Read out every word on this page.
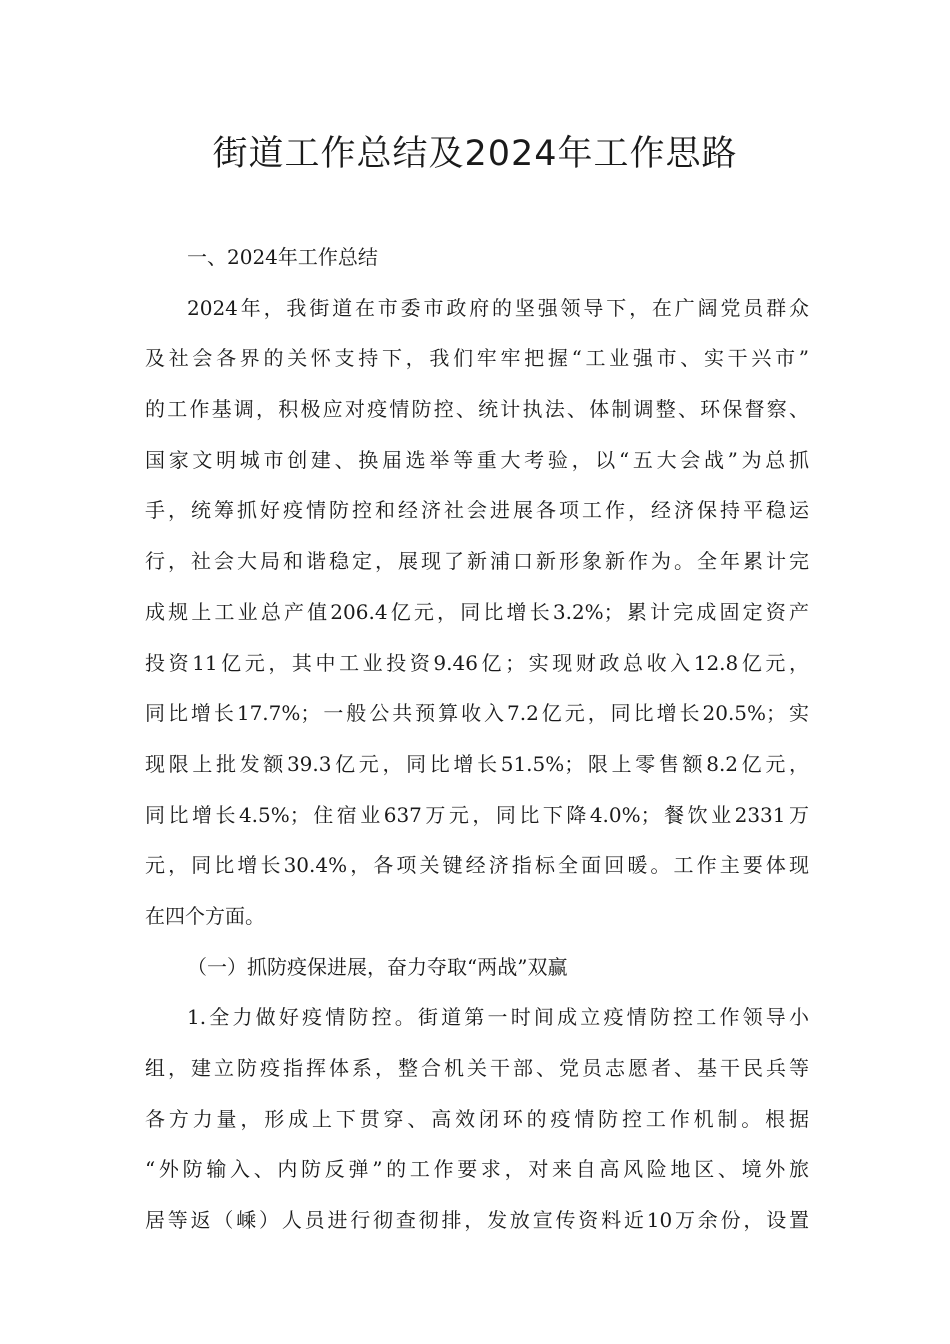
街道工作总结及2024年工作思路
一、2024年工作总结
2024年，我街道在市委市政府的坚强领导下，在广阔党员群众
及社会各界的关怀支持下，我们牢牢把握“工业强市、实干兴市”
的工作基调，积极应对疫情防控、统计执法、体制调整、环保督察、
国家文明城市创建、换届选举等重大考验，以“五大会战”为总抓
手，统筹抓好疫情防控和经济社会进展各项工作，经济保持平稳运
行，社会大局和谐稳定，展现了新浦口新形象新作为。全年累计完
成规上工业总产值206.4亿元，同比增长3.2%；累计完成固定资产
投资11亿元，其中工业投资9.46亿；实现财政总收入12.8亿元，
同比增长17.7%；一般公共预算收入7.2亿元，同比增长20.5%；实
现限上批发额39.3亿元，同比增长51.5%；限上零售额8.2亿元，
同比增长4.5%；住宿业637万元，同比下降4.0%；餐饮业2331万
元，同比增长30.4%，各项关键经济指标全面回暖。工作主要体现
在四个方面。
（一）抓防疫保进展，奋力夺取“两战”双赢
1.全力做好疫情防控。街道第一时间成立疫情防控工作领导小
组，建立防疫指挥体系，整合机关干部、党员志愿者、基干民兵等
各方力量，形成上下贯穿、高效闭环的疫情防控工作机制。根据
“外防输入、内防反弹”的工作要求，对来自高风险地区、境外旅
居等返（嵊）人员进行彻查彻排，发放宣传资料近10万余份，设置
